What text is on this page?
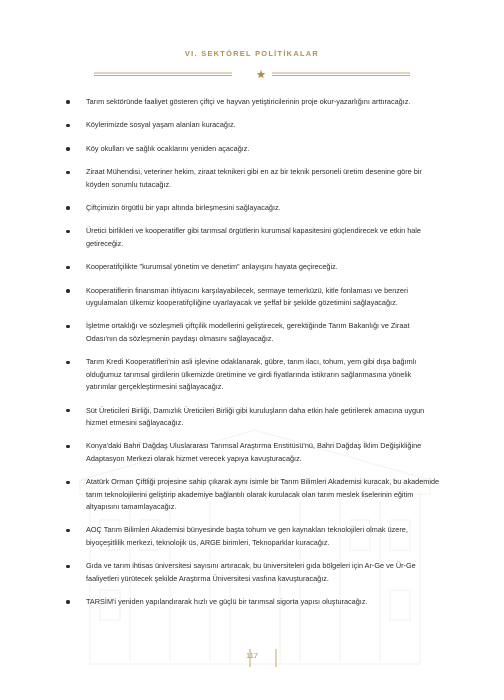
VI. SEKTÖREL POLİTİKALAR
Tarım sektöründe faaliyet gösteren çiftçi ve hayvan yetiştiricilerinin proje okur-yazarlığını arttıracağız.
Köylerimizde sosyal yaşam alanları kuracağız.
Köy okulları ve sağlık ocaklarını yeniden açacağız.
Ziraat Mühendisi, veteriner hekim, ziraat teknikeri gibi en az bir teknik personeli üretim desenine göre bir köyden sorumlu tutacağız.
Çiftçimizin örgütlü bir yapı altında birleşmesini sağlayacağız.
Üretici birlikleri ve kooperatifler gibi tarımsal örgütlerin kurumsal kapasitesini güçlendirecek ve etkin hale getireceğiz.
Kooperatifçilikte "kurumsal yönetim ve denetim" anlayışını hayata geçireceğiz.
Kooperatiflerin finansman ihtiyacını karşılayabilecek, sermaye temerküzü, kitle fonlaması ve benzeri uygulamaları ülkemiz kooperatifçiliğine uyarlayacak ve şeffaf bir şekilde gözetimini sağlayacağız.
İşletme ortaklığı ve sözleşmeli çiftçilik modellerini geliştirecek, gerektiğinde Tarım Bakanlığı ve Ziraat Odası'nın da sözleşmenin paydaşı olmasını sağlayacağız.
Tarım Kredi Kooperatifleri'nin asli işlevine odaklanarak, gübre, tarım ilacı, tohum, yem gibi dışa bağımlı olduğumuz tarımsal girdilerin ülkemizde üretimine ve girdi fiyatlarında istikrarın sağlanmasına yönelik yatırımlar gerçekleştirmesini sağlayacağız.
Süt Üreticileri Birliği, Damızlık Üreticileri Birliği gibi kuruluşların daha etkin hale getirilerek amacına uygun hizmet etmesini sağlayacağız.
Konya'daki Bahri Dağdaş Uluslararası Tarımsal Araştırma Enstitüsü'nü, Bahri Dağdaş İklim Değişikliğine Adaptasyon Merkezi olarak hizmet verecek yapıya kavuşturacağız.
Atatürk Orman Çiftliği projesine sahip çıkarak aynı isimle bir Tarım Bilimleri Akademisi kuracak, bu akademide tarım teknolojilerini geliştirip akademiye bağlantılı olarak kurulacak olan tarım meslek liselerinin eğitim altyapısını tamamlayacağız.
AOÇ Tarım Bilimleri Akademisi bünyesinde başta tohum ve gen kaynakları teknolojileri olmak üzere, biyoçeşitlilik merkezi, teknolojik üs, ARGE birimleri, Teknoparklar kuracağız.
Gıda ve tarım ihtisas üniversitesi sayısını artıracak, bu üniversiteleri gıda bölgeleri için Ar-Ge ve Ür-Ge faaliyetleri yürütecek şekilde Araştırma Üniversitesi vasfına kavuşturacağız.
TARSİM'i yeniden yapılandırarak hızlı ve güçlü bir tarımsal sigorta yapısı oluşturacağız.
117
